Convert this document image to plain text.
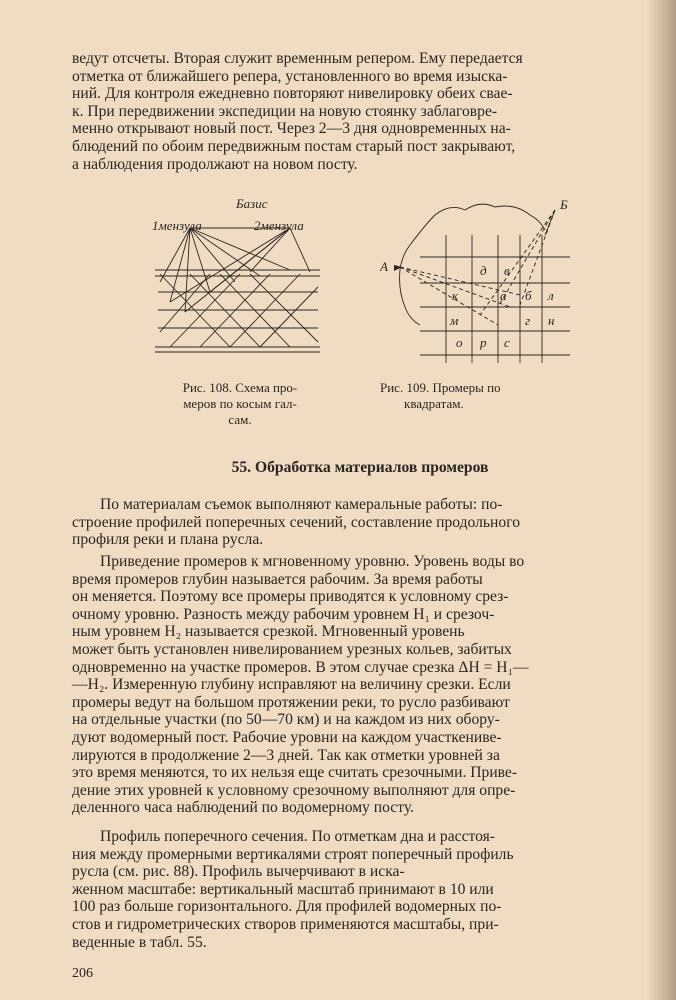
ведут отсчеты. Вторая служит временным репером. Ему передается

отметка от ближайшего репера, установленного во время изыска-

ний. Для контроля ежедневно повторяют нивелировку обеих свае-

к. При передвижении экспедиции на новую стоянку заблаговре-

менно открывают новый пост. Через 2—3 дня одновременных на-

блюдений по обоим передвижным постам старый пост закрывают,

а наблюдения продолжают на новом посту.

Базис
1мензула	2мензула
Рис. 108. Схема про-
меров по косым гал-
сам.
А
Б
д в
к	а б л
м	г н
о р с
Рис. 109. Промеры по
квадратам.
55. Обработка материалов промеров

По материалам съемок выполняют камеральные работы: по-

строение профилей поперечных сечений, составление продольного

профиля реки и плана русла.

Приведение промеров к мгновенному уровню. Уровень воды во

время промеров глубин называется рабочим. За время работы

он меняется. Поэтому все промеры приводятся к условному срез-

очному уровню. Разность между рабочим уровнем H₁ и срезоч-

ным уровнем H₂ называется срезкой. Мгновенный уровень

может быть установлен нивелированием урезных кольев, забитых

одновременно на участке промеров. В этом случае срезка ΔH = H₁—

—H₂. Измеренную глубину исправляют на величину срезки. Если

промеры ведут на большом протяжении реки, то русло разбивают

на отдельные участки (по 50—70 км) и на каждом из них обору-

дуют водомерный пост. Рабочие уровни на каждом участкениве-

лируются в продолжение 2—3 дней. Так как отметки уровней за

это время меняются, то их нельзя еще считать срезочными. Приве-

дение этих уровней к условному срезочному выполняют для опре-

деленного часа наблюдений по водомерному посту.

Профиль поперечного сечения. По отметкам дна и расстоя-

ния между промерными вертикалями строят поперечный профиль

русла (см. рис. 88). Профиль вычерчивают в иска-

женном масштабе: вертикальный масштаб принимают в 10 или

100 раз больше горизонтального. Для профилей водомерных по-

стов и гидрометрических створов применяются масштабы, при-

веденные в табл. 55.

206
